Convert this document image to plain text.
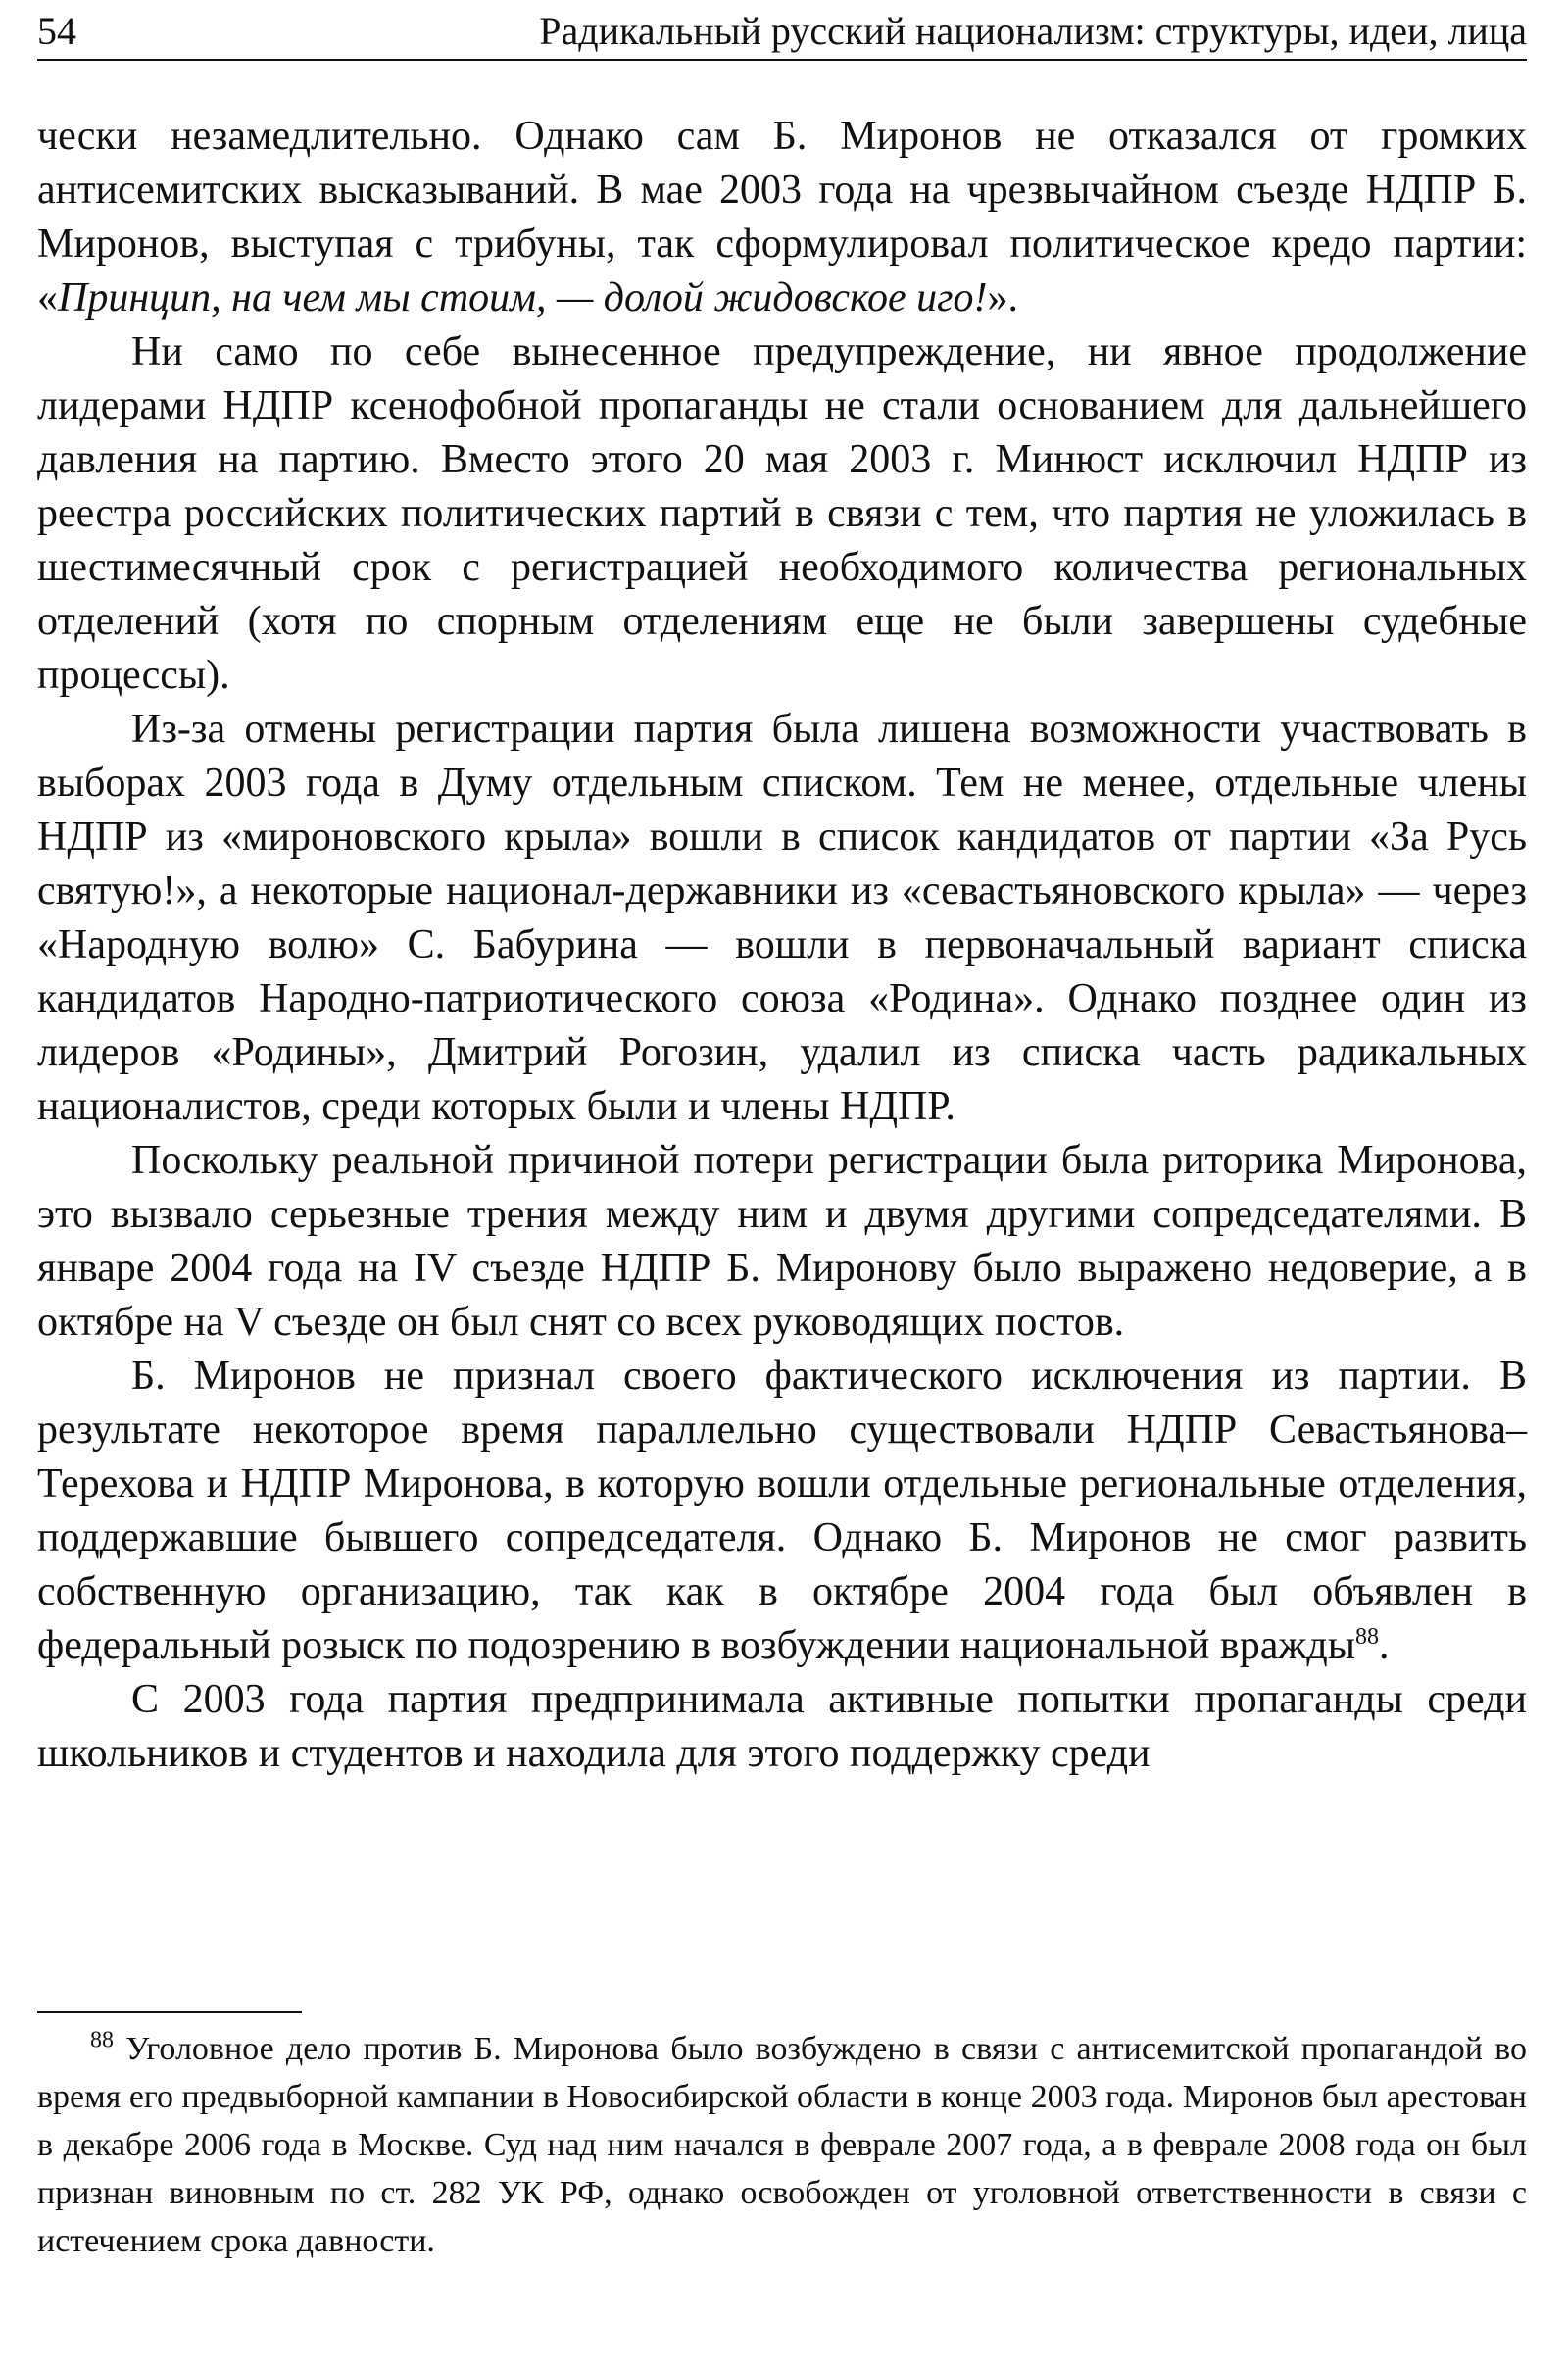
54	Радикальный русский национализм: структуры, идеи, лица

чески незамедлительно. Однако сам Б. Миронов не отказался от громких антисемитских высказываний. В мае 2003 года на чрезвычайном съезде НДПР Б. Миронов, выступая с трибуны, так сформулировал политическое кредо партии: «Принцип, на чем мы стоим, — долой жидовское иго!».

Ни само по себе вынесенное предупреждение, ни явное продолжение лидерами НДПР ксенофобной пропаганды не стали основанием для дальнейшего давления на партию. Вместо этого 20 мая 2003 г. Минюст исключил НДПР из реестра российских политических партий в связи с тем, что партия не уложилась в шестимесячный срок с регистрацией необходимого количества региональных отделений (хотя по спорным отделениям еще не были завершены судебные процессы).

Из-за отмены регистрации партия была лишена возможности участвовать в выборах 2003 года в Думу отдельным списком. Тем не менее, отдельные члены НДПР из «мироновского крыла» вошли в список кандидатов от партии «За Русь святую!», а некоторые национал-державники из «севастьяновского крыла» — через «Народную волю» С. Бабурина — вошли в первоначальный вариант списка кандидатов Народно-патриотического союза «Родина». Однако позднее один из лидеров «Родины», Дмитрий Рогозин, удалил из списка часть радикальных националистов, среди которых были и члены НДПР.

Поскольку реальной причиной потери регистрации была риторика Миронова, это вызвало серьезные трения между ним и двумя другими сопредседателями. В январе 2004 года на IV съезде НДПР Б. Миронову было выражено недоверие, а в октябре на V съезде он был снят со всех руководящих постов.

Б. Миронов не признал своего фактического исключения из партии. В результате некоторое время параллельно существовали НДПР Севастьянова–Терехова и НДПР Миронова, в которую вошли отдельные региональные отделения, поддержавшие бывшего сопредседателя. Однако Б. Миронов не смог развить собственную организацию, так как в октябре 2004 года был объявлен в федеральный розыск по подозрению в возбуждении национальной вражды$^{88}$.

С 2003 года партия предпринимала активные попытки пропаганды среди школьников и студентов и находила для этого поддержку среди

$^{88}$ Уголовное дело против Б. Миронова было возбуждено в связи с антисемитской пропагандой во время его предвыборной кампании в Новосибирской области в конце 2003 года. Миронов был арестован в декабре 2006 года в Москве. Суд над ним начался в феврале 2007 года, а в феврале 2008 года он был признан виновным по ст. 282 УК РФ, однако освобожден от уголовной ответственности в связи с истечением срока давности.
